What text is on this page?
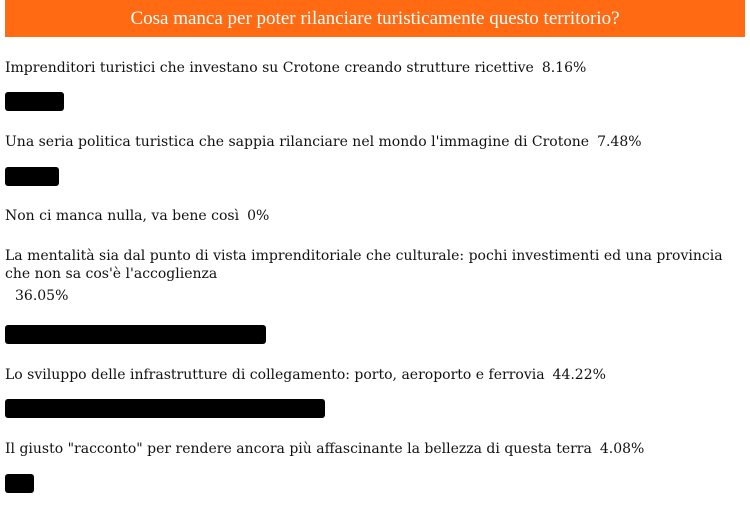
Cosa manca per poter rilanciare turisticamente questo territorio?
Imprenditori turistici che investano su Crotone creando strutture ricettive 8.16%
Una seria politica turistica che sappia rilanciare nel mondo l'immagine di Crotone 7.48%
Non ci manca nulla, va bene così 0%
La mentalità sia dal punto di vista imprenditoriale che culturale: pochi investimenti ed una provincia che non sa cos'è l'accoglienza
36.05%
Lo sviluppo delle infrastrutture di collegamento: porto, aeroporto e ferrovia 44.22%
Il giusto "racconto" per rendere ancora più affascinante la bellezza di questa terra 4.08%
